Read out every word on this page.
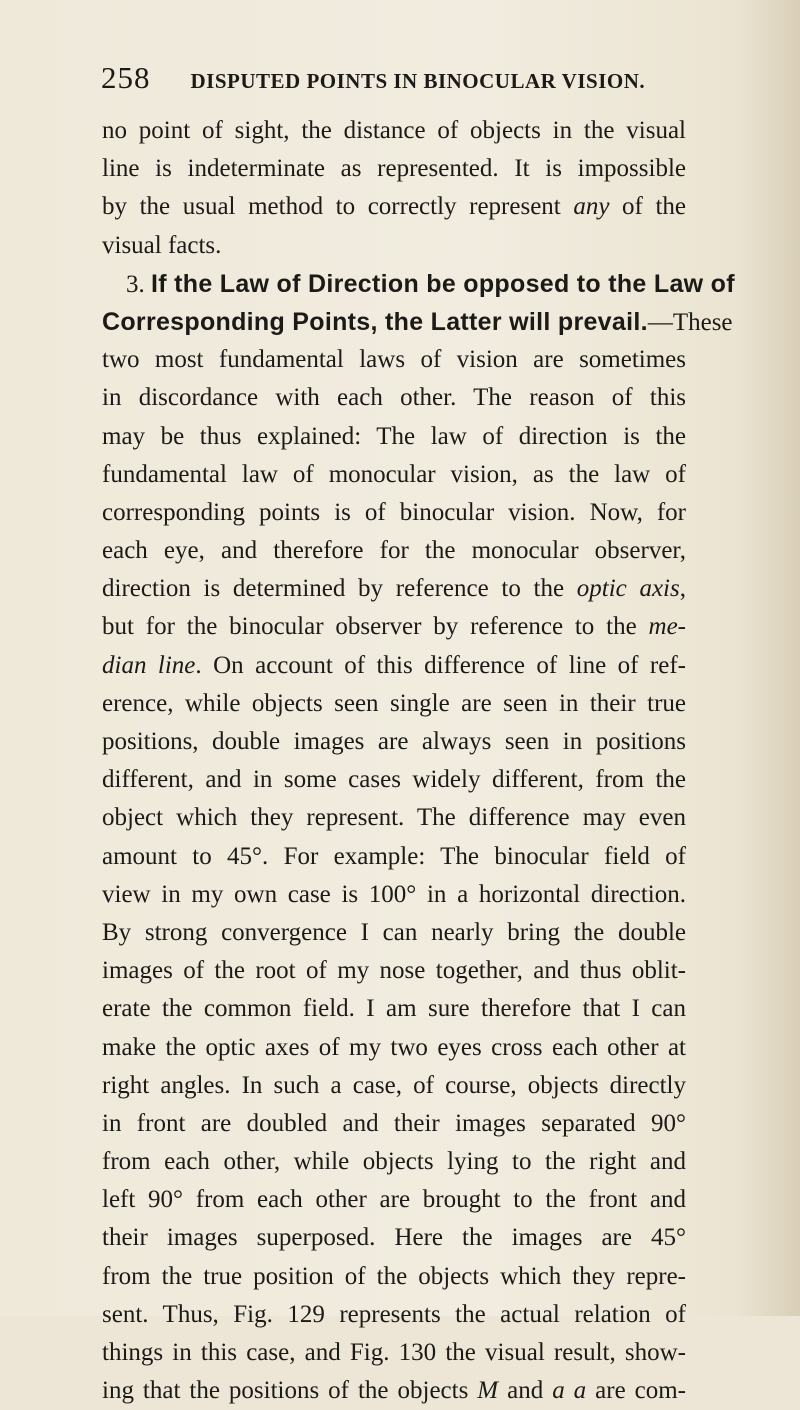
258 DISPUTED POINTS IN BINOCULAR VISION.
no point of sight, the distance of objects in the visual
line is indeterminate as represented. It is impossible
by the usual method to correctly represent any of the
visual facts.
3. If the Law of Direction be opposed to the Law of
Corresponding Points, the Latter will prevail.—These
two most fundamental laws of vision are sometimes
in discordance with each other. The reason of this
may be thus explained: The law of direction is the
fundamental law of monocular vision, as the law of
corresponding points is of binocular vision. Now, for
each eye, and therefore for the monocular observer,
direction is determined by reference to the optic axis,
but for the binocular observer by reference to the me-
dian line. On account of this difference of line of ref-
erence, while objects seen single are seen in their true
positions, double images are always seen in positions
different, and in some cases widely different, from the
object which they represent. The difference may even
amount to 45°. For example: The binocular field of
view in my own case is 100° in a horizontal direction.
By strong convergence I can nearly bring the double
images of the root of my nose together, and thus oblit-
erate the common field. I am sure therefore that I can
make the optic axes of my two eyes cross each other at
right angles. In such a case, of course, objects directly
in front are doubled and their images separated 90°
from each other, while objects lying to the right and
left 90° from each other are brought to the front and
their images superposed. Here the images are 45°
from the true position of the objects which they repre-
sent. Thus, Fig. 129 represents the actual relation of
things in this case, and Fig. 130 the visual result, show-
ing that the positions of the objects M and a a are com-
